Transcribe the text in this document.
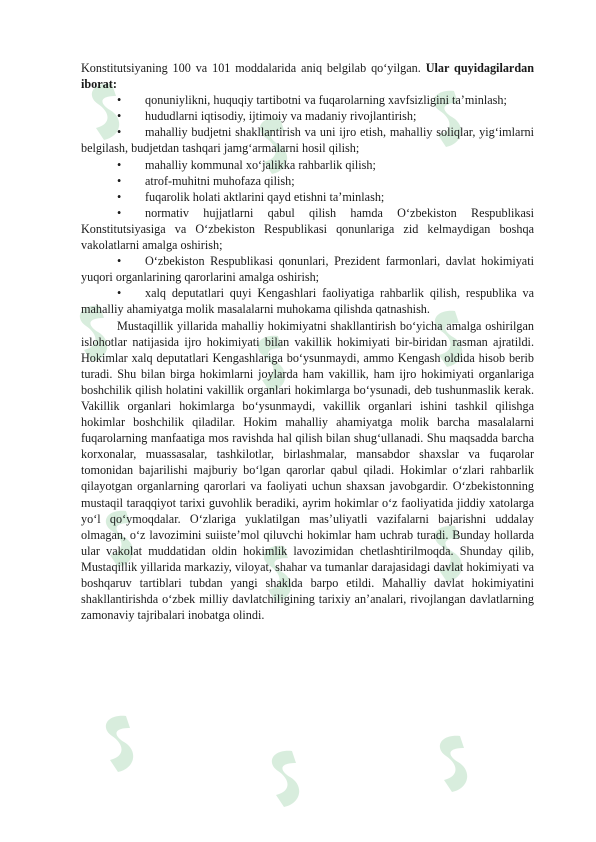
Konstitutsiyaning 100 va 101 moddalarida aniq belgilab qo‘yilgan. Ular quyidagilardan iborat:

• qonuniylikni, huquqiy tartibotni va fuqarolarning xavfsizligini ta’minlash;

• hududlarni iqtisodiy, ijtimoiy va madaniy rivojlantirish;

• mahalliy budjetni shakllantirish va uni ijro etish, mahalliy soliqlar, yig‘imlarni belgilash, budjetdan tashqari jamg‘armalarni hosil qilish;

• mahalliy kommunal xo‘jalikka rahbarlik qilish;

• atrof-muhitni muhofaza qilish;

• fuqarolik holati aktlarini qayd etishni ta’minlash;

• normativ hujjatlarni qabul qilish hamda O‘zbekiston Respublikasi Konstitutsiyasiga va O‘zbekiston Respublikasi qonunlariga zid kelmaydigan boshqa vakolatlarni amalga oshirish;

• O‘zbekiston Respublikasi qonunlari, Prezident farmonlari, davlat hokimiyati yuqori organlarining qarorlarini amalga oshirish;

• xalq deputatlari quyi Kengashlari faoliyatiga rahbarlik qilish, respublika va mahalliy ahamiyatga molik masalalarni muhokama qilishda qatnashish.

Mustaqillik yillarida mahalliy hokimiyatni shakllantirish bo‘yicha amalga oshirilgan islohotlar natijasida ijro hokimiyati bilan vakillik hokimiyati bir-biridan rasman ajratildi. Hokimlar xalq deputatlari Kengashlariga bo‘ysunmaydi, ammo Kengash oldida hisob berib turadi. Shu bilan birga hokimlarni joylarda ham vakillik, ham ijro hokimiyati organlariga boshchilik qilish holatini vakillik organlari hokimlarga bo‘ysunadi, deb tushunmaslik kerak. Vakillik organlari hokimlarga bo‘ysunmaydi, vakillik organlari ishini tashkil qilishga hokimlar boshchilik qiladilar. Hokim mahalliy ahamiyatga molik barcha masalalarni fuqarolarning manfaatiga mos ravishda hal qilish bilan shug‘ullanadi. Shu maqsadda barcha korxonalar, muassasalar, tashkilotlar, birlashmalar, mansabdor shaxslar va fuqarolar tomonidan bajarilishi majburiy bo‘lgan qarorlar qabul qiladi. Hokimlar o‘zlari rahbarlik qilayotgan organlarning qarorlari va faoliyati uchun shaxsan javobgardir. O‘zbekistonning mustaqil taraqqiyot tarixi guvohlik beradiki, ayrim hokimlar o‘z faoliyatida jiddiy xatolarga yo‘l qo‘ymoqdalar. O‘zlariga yuklatilgan mas’uliyatli vazifalarni bajarishni uddalay olmagan, o‘z lavozimini suiiste’mol qiluvchi hokimlar ham uchrab turadi. Bunday hollarda ular vakolat muddatidan oldin hokimlik lavozimidan chetlashtirilmoqda. Shunday qilib, Mustaqillik yillarida markaziy, viloyat, shahar va tumanlar darajasidagi davlat hokimiyati va boshqaruv tartiblari tubdan yangi shaklda barpo etildi. Mahalliy davlat hokimiyatini shakllantirishda o‘zbek milliy davlatchiligining tarixiy an’analari, rivojlangan davlatlarning zamonaviy tajribalari inobatga olindi.
